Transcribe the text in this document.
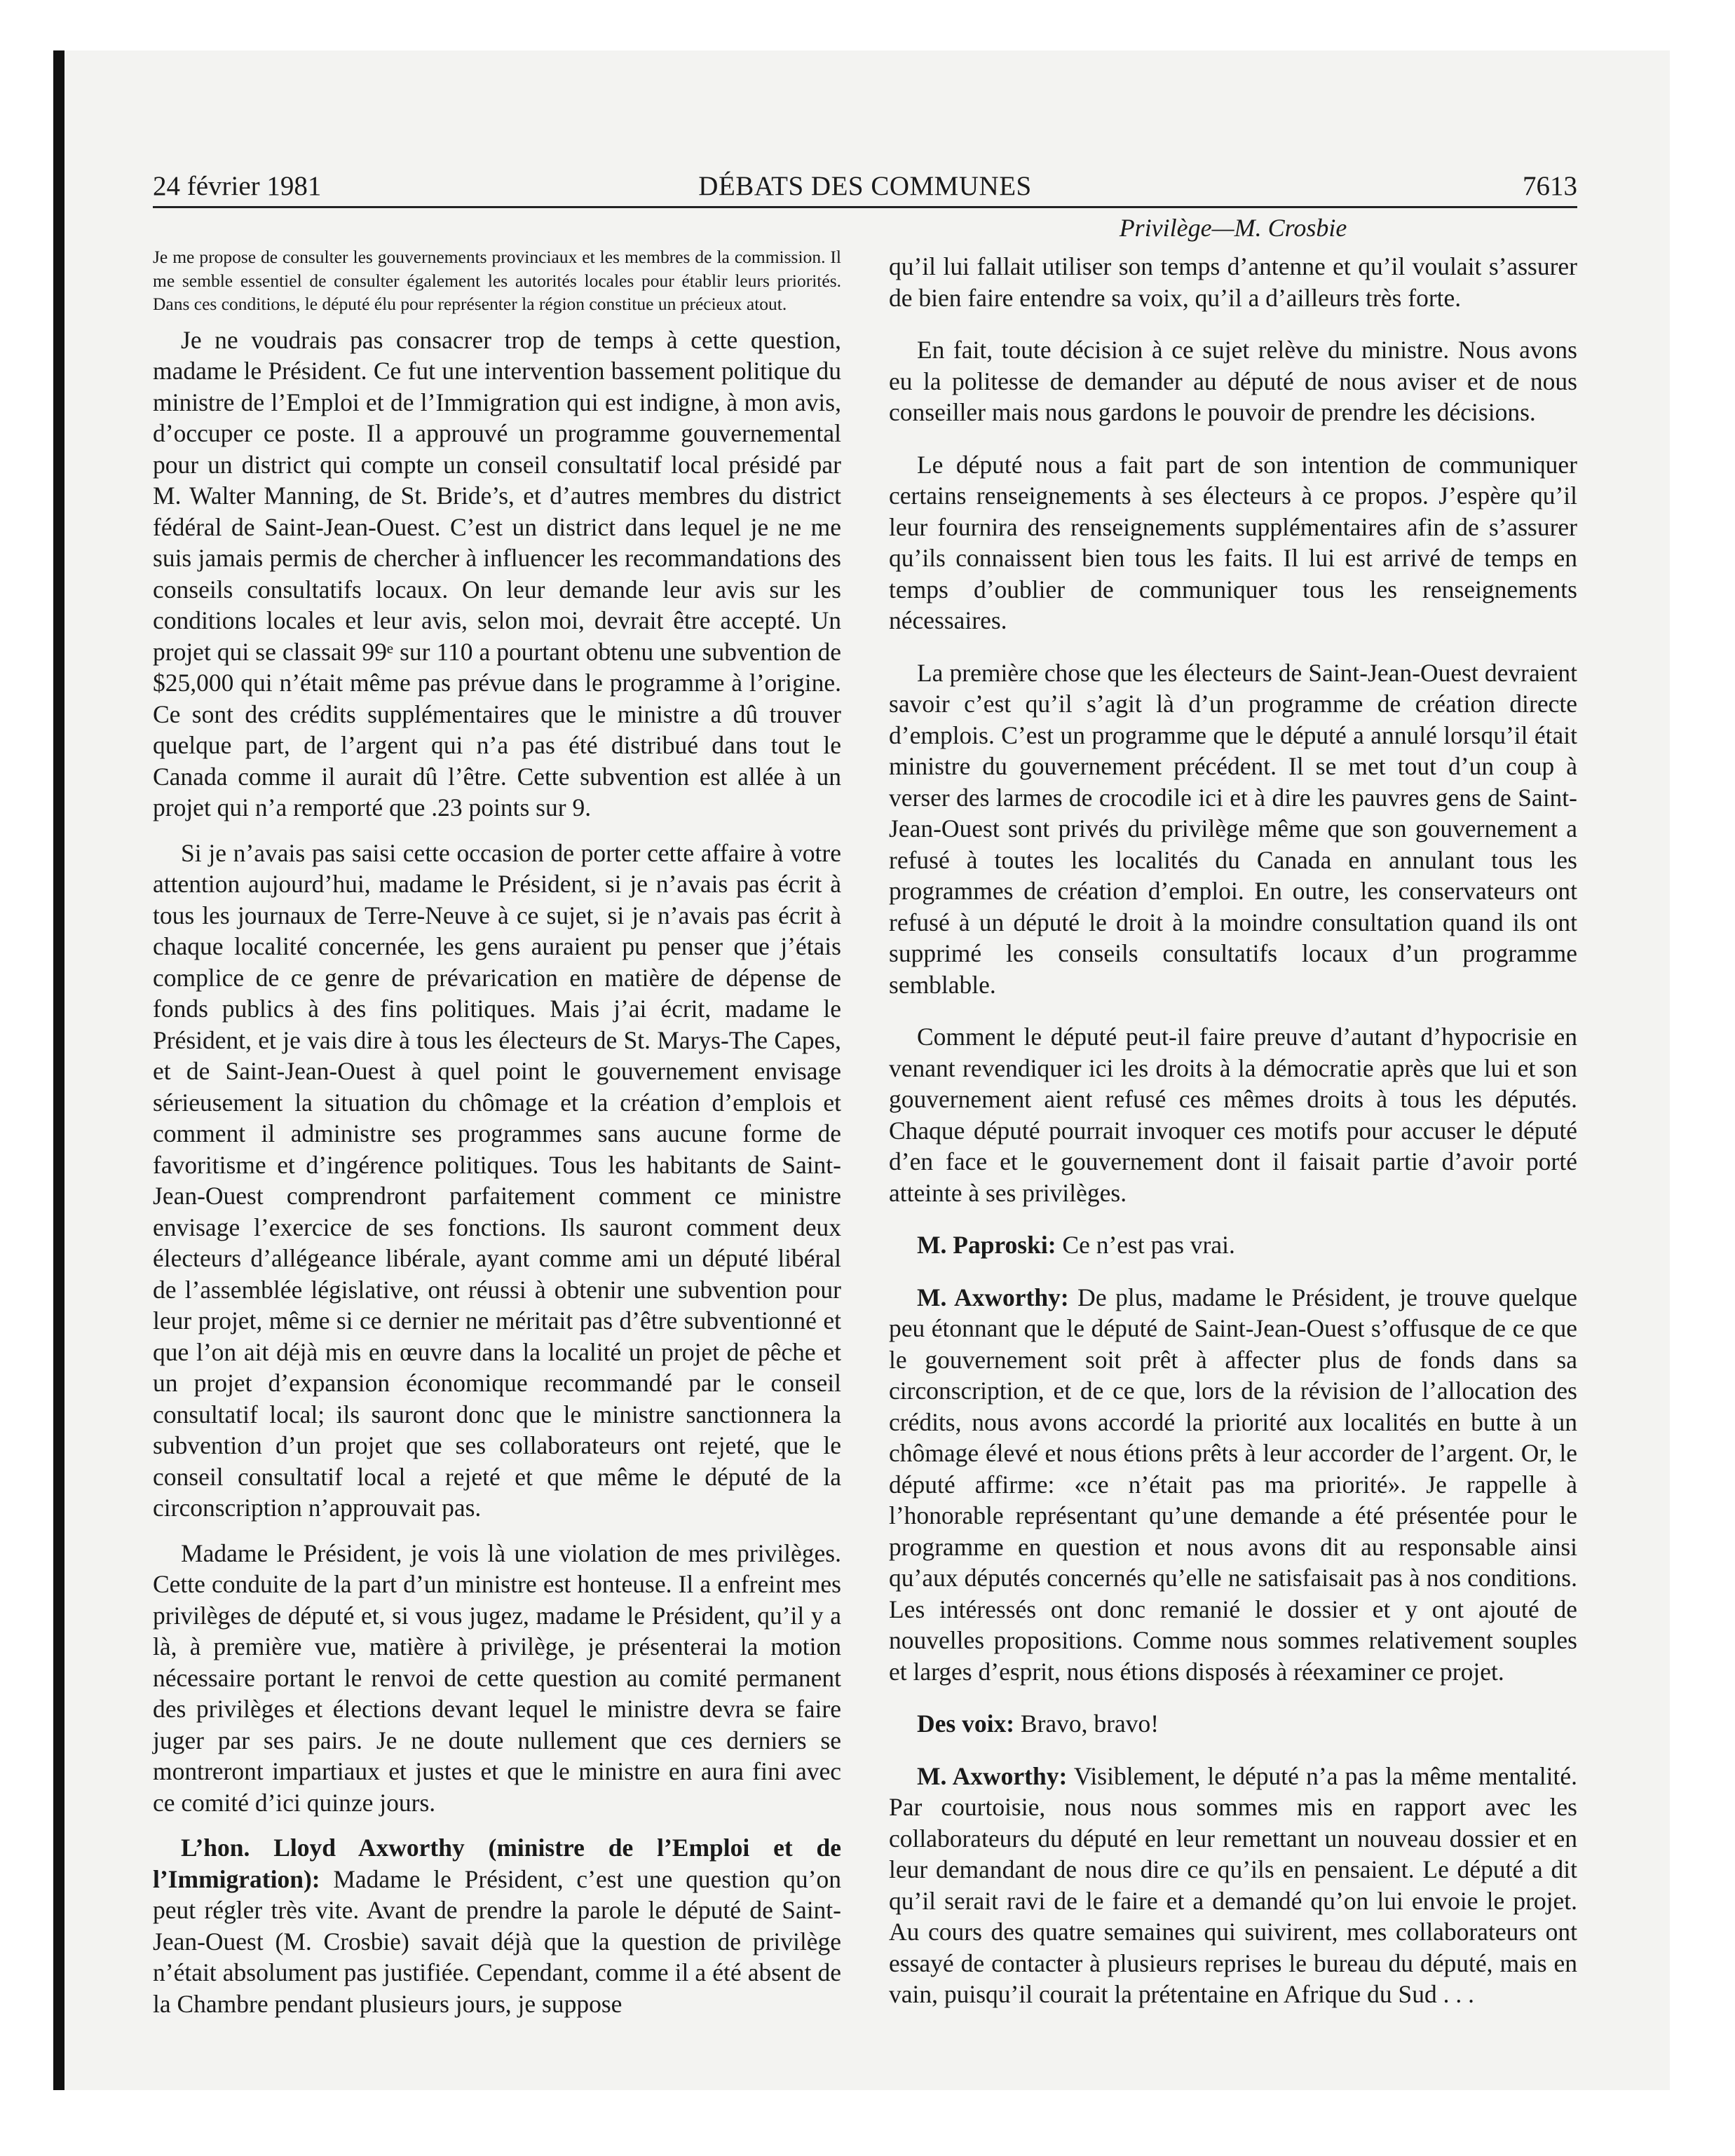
24 février 1981	DÉBATS DES COMMUNES	7613
Privilège—M. Crosbie

Je me propose de consulter les gouvernements provinciaux et les membres de la commission. Il me semble essentiel de consulter également les autorités locales pour établir leurs priorités. Dans ces conditions, le député élu pour représenter la région constitue un précieux atout.

Je ne voudrais pas consacrer trop de temps à cette question, madame le Président. Ce fut une intervention bassement politique du ministre de l’Emploi et de l’Immigration qui est indigne, à mon avis, d’occuper ce poste. Il a approuvé un programme gouvernemental pour un district qui compte un conseil consultatif local présidé par M. Walter Manning, de St. Bride’s, et d’autres membres du district fédéral de Saint-Jean-Ouest. C’est un district dans lequel je ne me suis jamais permis de chercher à influencer les recommandations des conseils consultatifs locaux. On leur demande leur avis sur les conditions locales et leur avis, selon moi, devrait être accepté. Un projet qui se classait 99ᵉ sur 110 a pourtant obtenu une subvention de $25,000 qui n’était même pas prévue dans le programme à l’origine. Ce sont des crédits supplémentaires que le ministre a dû trouver quelque part, de l’argent qui n’a pas été distribué dans tout le Canada comme il aurait dû l’être. Cette subvention est allée à un projet qui n’a remporté que .23 points sur 9.

Si je n’avais pas saisi cette occasion de porter cette affaire à votre attention aujourd’hui, madame le Président, si je n’avais pas écrit à tous les journaux de Terre-Neuve à ce sujet, si je n’avais pas écrit à chaque localité concernée, les gens auraient pu penser que j’étais complice de ce genre de prévarication en matière de dépense de fonds publics à des fins politiques. Mais j’ai écrit, madame le Président, et je vais dire à tous les électeurs de St. Marys-The Capes, et de Saint-Jean-Ouest à quel point le gouvernement envisage sérieusement la situation du chômage et la création d’emplois et comment il administre ses programmes sans aucune forme de favoritisme et d’ingérence politiques. Tous les habitants de Saint-Jean-Ouest comprendront parfaitement comment ce ministre envisage l’exercice de ses fonctions. Ils sauront comment deux électeurs d’allégeance libérale, ayant comme ami un député libéral de l’assemblée législative, ont réussi à obtenir une subvention pour leur projet, même si ce dernier ne méritait pas d’être subventionné et que l’on ait déjà mis en œuvre dans la localité un projet de pêche et un projet d’expansion économique recommandé par le conseil consultatif local; ils sauront donc que le ministre sanctionnera la subvention d’un projet que ses collaborateurs ont rejeté, que le conseil consultatif local a rejeté et que même le député de la circonscription n’approuvait pas.

Madame le Président, je vois là une violation de mes privilèges. Cette conduite de la part d’un ministre est honteuse. Il a enfreint mes privilèges de député et, si vous jugez, madame le Président, qu’il y a là, à première vue, matière à privilège, je présenterai la motion nécessaire portant le renvoi de cette question au comité permanent des privilèges et élections devant lequel le ministre devra se faire juger par ses pairs. Je ne doute nullement que ces derniers se montreront impartiaux et justes et que le ministre en aura fini avec ce comité d’ici quinze jours.

L’hon. Lloyd Axworthy (ministre de l’Emploi et de l’Immigration): Madame le Président, c’est une question qu’on peut régler très vite. Avant de prendre la parole le député de Saint-Jean-Ouest (M. Crosbie) savait déjà que la question de privilège n’était absolument pas justifiée. Cependant, comme il a été absent de la Chambre pendant plusieurs jours, je suppose

qu’il lui fallait utiliser son temps d’antenne et qu’il voulait s’assurer de bien faire entendre sa voix, qu’il a d’ailleurs très forte.

En fait, toute décision à ce sujet relève du ministre. Nous avons eu la politesse de demander au député de nous aviser et de nous conseiller mais nous gardons le pouvoir de prendre les décisions.

Le député nous a fait part de son intention de communiquer certains renseignements à ses électeurs à ce propos. J’espère qu’il leur fournira des renseignements supplémentaires afin de s’assurer qu’ils connaissent bien tous les faits. Il lui est arrivé de temps en temps d’oublier de communiquer tous les renseignements nécessaires.

La première chose que les électeurs de Saint-Jean-Ouest devraient savoir c’est qu’il s’agit là d’un programme de création directe d’emplois. C’est un programme que le député a annulé lorsqu’il était ministre du gouvernement précédent. Il se met tout d’un coup à verser des larmes de crocodile ici et à dire les pauvres gens de Saint-Jean-Ouest sont privés du privilège même que son gouvernement a refusé à toutes les localités du Canada en annulant tous les programmes de création d’emploi. En outre, les conservateurs ont refusé à un député le droit à la moindre consultation quand ils ont supprimé les conseils consultatifs locaux d’un programme semblable.

Comment le député peut-il faire preuve d’autant d’hypocrisie en venant revendiquer ici les droits à la démocratie après que lui et son gouvernement aient refusé ces mêmes droits à tous les députés. Chaque député pourrait invoquer ces motifs pour accuser le député d’en face et le gouvernement dont il faisait partie d’avoir porté atteinte à ses privilèges.

M. Paproski: Ce n’est pas vrai.

M. Axworthy: De plus, madame le Président, je trouve quelque peu étonnant que le député de Saint-Jean-Ouest s’offusque de ce que le gouvernement soit prêt à affecter plus de fonds dans sa circonscription, et de ce que, lors de la révision de l’allocation des crédits, nous avons accordé la priorité aux localités en butte à un chômage élevé et nous étions prêts à leur accorder de l’argent. Or, le député affirme: «ce n’était pas ma priorité». Je rappelle à l’honorable représentant qu’une demande a été présentée pour le programme en question et nous avons dit au responsable ainsi qu’aux députés concernés qu’elle ne satisfaisait pas à nos conditions. Les intéressés ont donc remanié le dossier et y ont ajouté de nouvelles propositions. Comme nous sommes relativement souples et larges d’esprit, nous étions disposés à réexaminer ce projet.

Des voix: Bravo, bravo!

M. Axworthy: Visiblement, le député n’a pas la même mentalité. Par courtoisie, nous nous sommes mis en rapport avec les collaborateurs du député en leur remettant un nouveau dossier et en leur demandant de nous dire ce qu’ils en pensaient. Le député a dit qu’il serait ravi de le faire et a demandé qu’on lui envoie le projet. Au cours des quatre semaines qui suivirent, mes collaborateurs ont essayé de contacter à plusieurs reprises le bureau du député, mais en vain, puisqu’il courait la prétentaine en Afrique du Sud . . .
